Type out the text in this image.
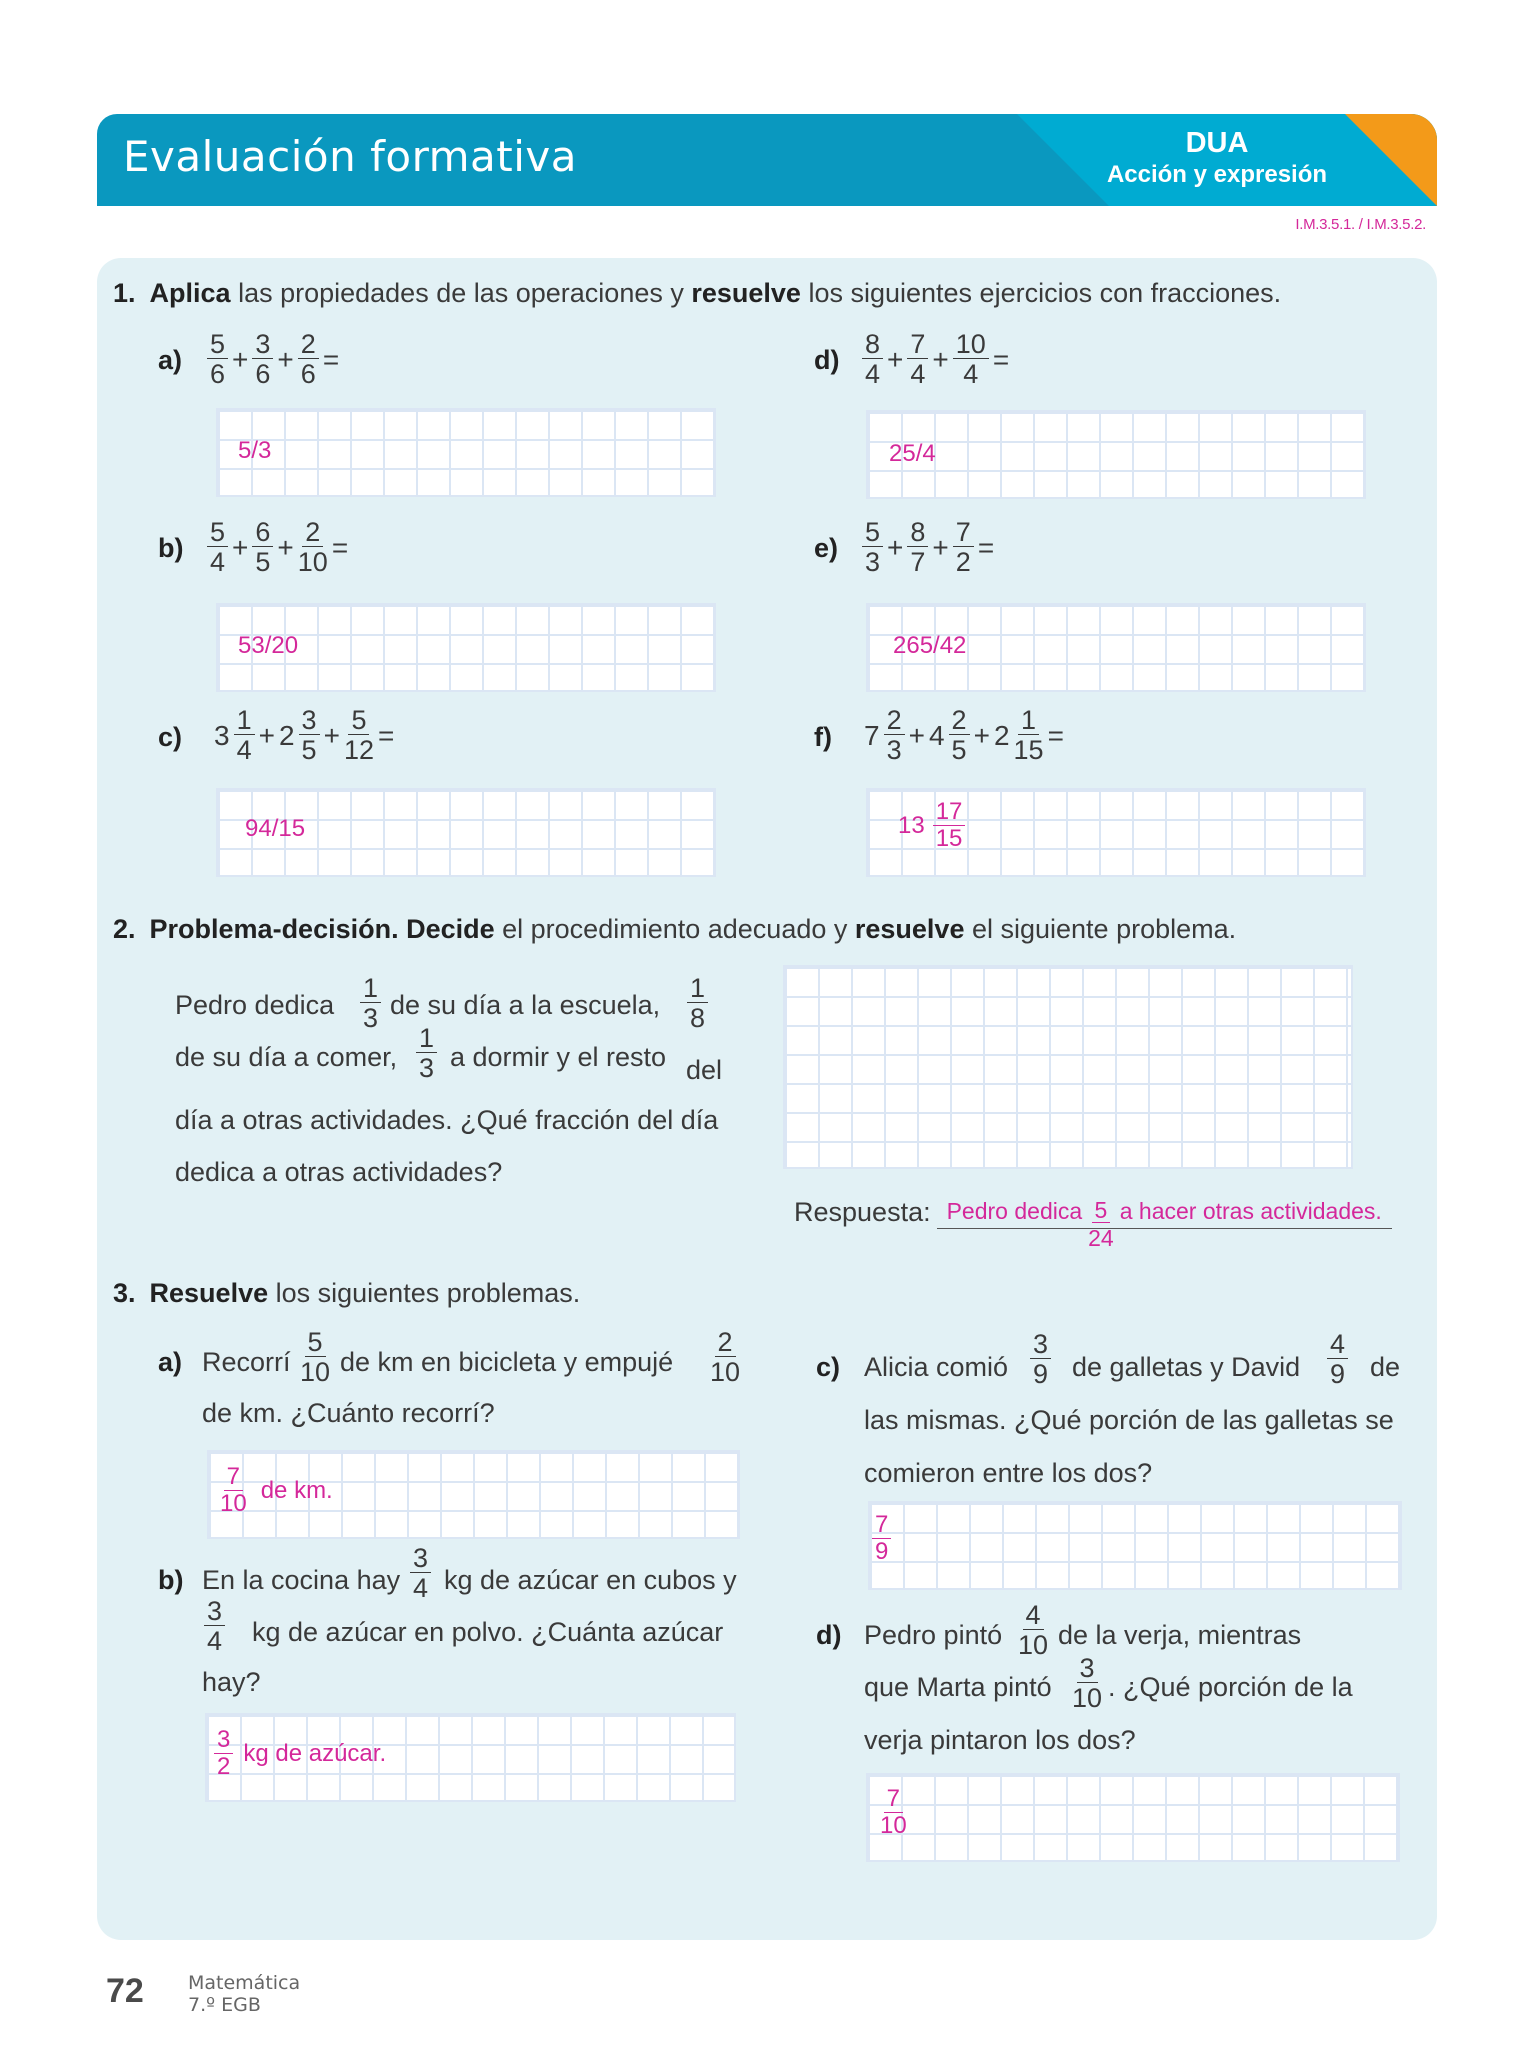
Evaluación formativa	DUA
Acción y expresión
I.M.3.5.1. / I.M.3.5.2.
1. Aplica las propiedades de las operaciones y resuelve los siguientes ejercicios con fracciones.
$a) \frac{5}{6} + \frac{3}{6} + \frac{2}{6}$ =
5/3
$b) \frac{5}{4} + \frac{6}{5} + \frac{2}{10}$ =
53/20
c) $3 \frac{1}{4} + 2 \frac{3}{5} + \frac{5}{12}$ =
94/15
$d) \frac{8}{4} + \frac{7}{4} + \frac{10}{4}$ =
25/4
$e) \frac{5}{3} + \frac{8}{7} + \frac{7}{2}$ =
265/42
f) $7 \frac{2}{3} + 4 \frac{2}{5} + 2 \frac{1}{15}$ =
$13 \frac{17}{15}$
2. Problema-decisión. Decide el procedimiento adecuado y resuelve el siguiente problema.
Pedro dedica $\frac{1}{3}$ de su día a la escuela, $\frac{1}{8}$
de su día a comer, $\frac{1}{3}$ a dormir y el resto del
día a otras actividades. ¿Qué fracción del día
dedica a otras actividades?
Respuesta: Pedro dedica $\frac{5}{24}$ a hacer otras actividades.
3. Resuelve los siguientes problemas.
a) Recorrí $\frac{5}{10}$ de km en bicicleta y empujé $\frac{2}{10}$
de km. ¿Cuánto recorrí?
$\frac{7}{10}$ de km.
b) En la cocina hay $\frac{3}{4}$ kg de azúcar en cubos y
$\frac{3}{4}$ kg de azúcar en polvo. ¿Cuánta azúcar
hay?
$\frac{3}{2}$ kg de azúcar.
c) Alicia comió $\frac{3}{9}$ de galletas y David $\frac{4}{9}$ de
las mismas. ¿Qué porción de las galletas se
comieron entre los dos?
$\frac{7}{9}$
d) Pedro pintó $\frac{4}{10}$ de la verja, mientras
que Marta pintó $\frac{3}{10}$ . ¿Qué porción de la
verja pintaron los dos?
$\frac{7}{10}$
72 Matemática
7.º EGB
